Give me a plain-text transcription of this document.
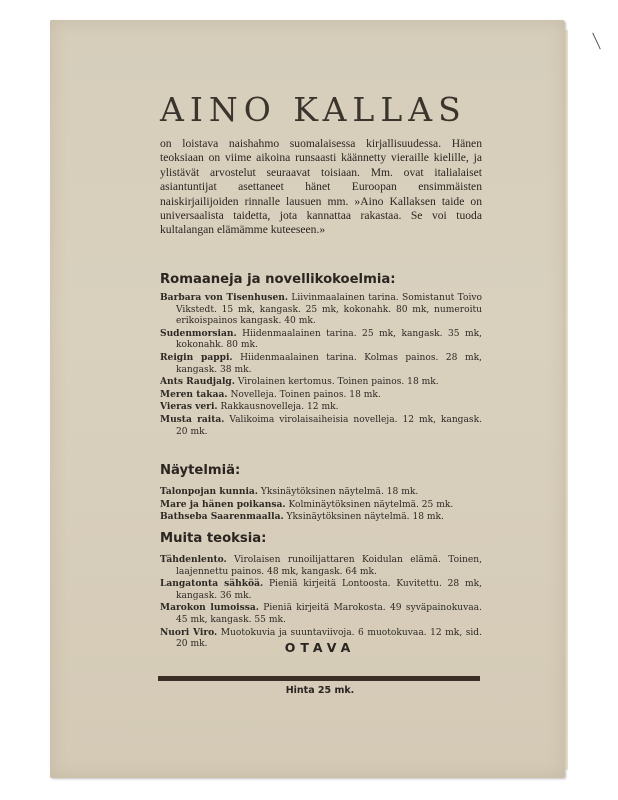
AINO KALLAS
on loistava naishahmo suomalaisessa kirjallisuudessa. Hänen teoksiaan on viime aikoina runsaasti käännetty vieraille kielille, ja ylistävät arvostelut seuraavat toisiaan. Mm. ovat italialaiset asiantuntijat asettaneet hänet Euroopan ensimmäisten naiskirjailijoiden rinnalle lausuen mm. »Aino Kallaksen taide on universaalista taidetta, jota kannattaa rakastaa. Se voi tuoda kultalangan elämämme kuteeseen.»
Romaaneja ja novellikokoelmia:
Barbara von Tisenhusen. Liivinmaalainen tarina. Somistanut Toivo Vikstedt. 15 mk, kangask. 25 mk, kokonahk. 80 mk, numeroitu erikoispainos kangask. 40 mk.
Sudenmorsian. Hiidenmaalainen tarina. 25 mk, kangask. 35 mk, kokonahk. 80 mk.
Reigin pappi. Hiidenmaalainen tarina. Kolmas painos. 28 mk, kangask. 38 mk.
Ants Raudjalg. Virolainen kertomus. Toinen painos. 18 mk.
Meren takaa. Novelleja. Toinen painos. 18 mk.
Vieras veri. Rakkausnovelleja. 12 mk.
Musta raita. Valikoima virolaisaiheisia novelleja. 12 mk, kangask. 20 mk.
Näytelmiä:
Talonpojan kunnia. Yksinäytöksinen näytelmä. 18 mk.
Mare ja hänen poikansa. Kolminäytöksinen näytelmä. 25 mk.
Bathseba Saarenmaalla. Yksinäytöksinen näytelmä. 18 mk.
Muita teoksia:
Tähdenlento. Virolaisen runoilijattaren Koidulan elämä. Toinen, laajennettu painos. 48 mk, kangask. 64 mk.
Langatonta sähköä. Pieniä kirjeitä Lontoosta. Kuvitettu. 28 mk, kangask. 36 mk.
Marokon lumoissa. Pieniä kirjeitä Marokosta. 49 syväpainokuvaa. 45 mk, kangask. 55 mk.
Nuori Viro. Muotokuvia ja suuntaviivoja. 6 muotokuvaa. 12 mk, sid. 20 mk.	OTAVA
Hinta 25 mk.
